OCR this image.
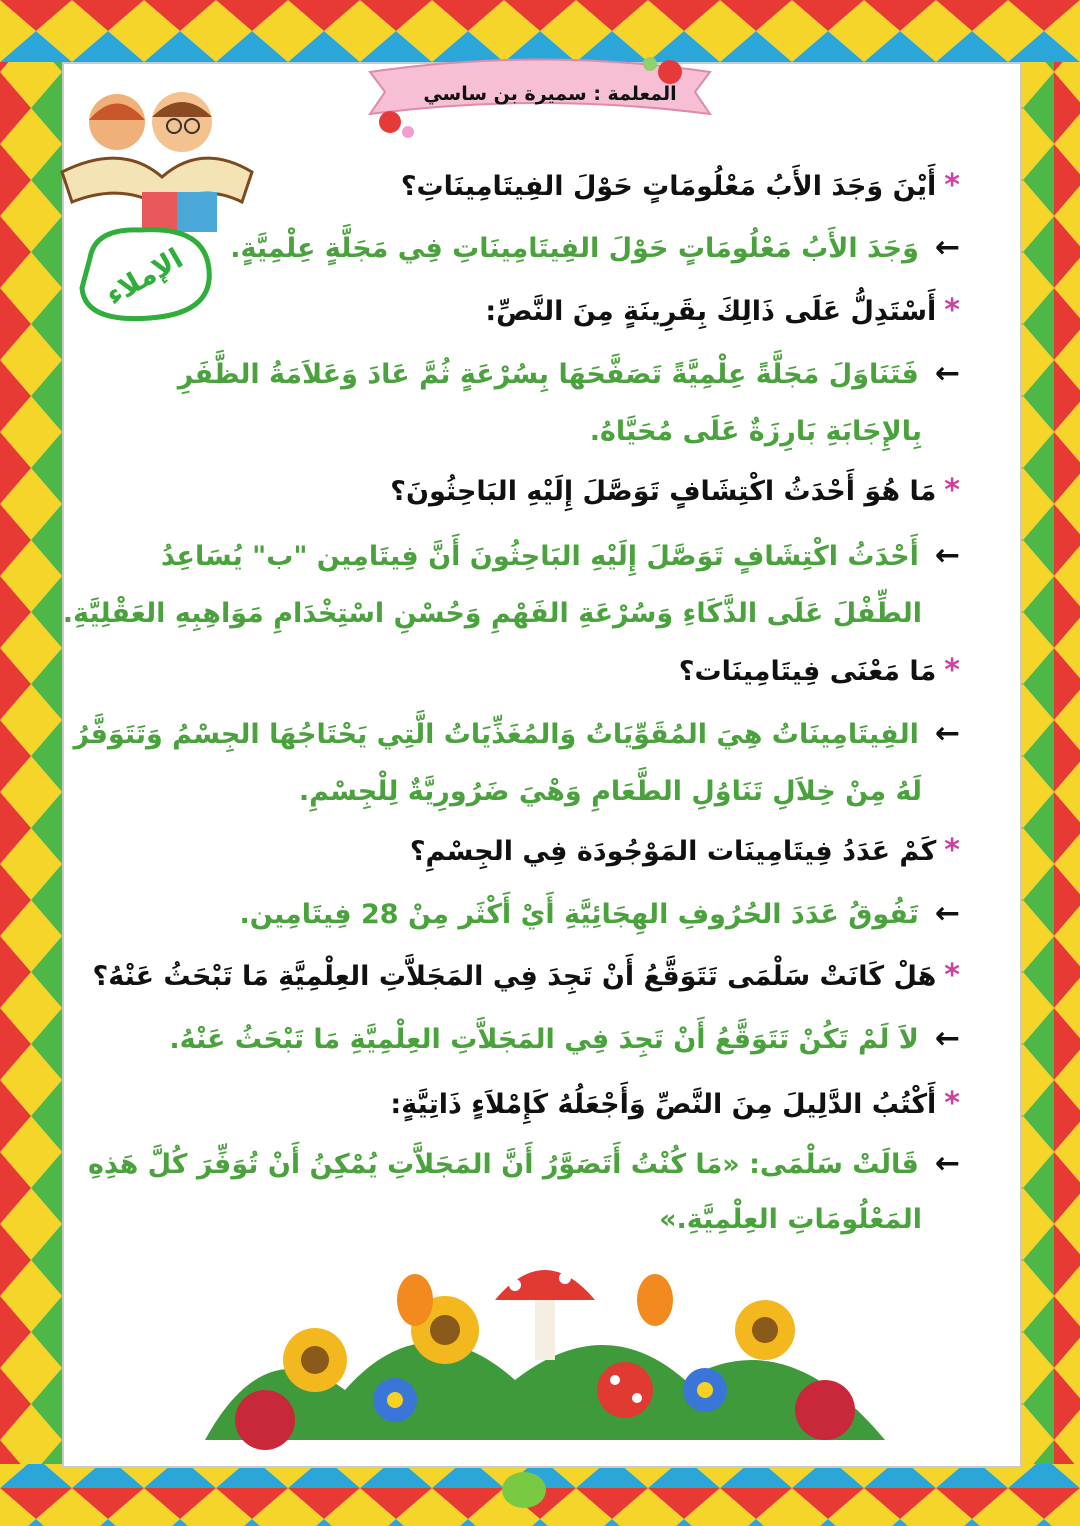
المعلمة : سميرة بن ساسي
الإملاء
*أَيْنَ وَجَدَ الأَبُ مَعْلُومَاتٍ حَوْلَ الفِيتَامِينَاتِ؟
←وَجَدَ الأَبُ مَعْلُومَاتٍ حَوْلَ الفِيتَامِينَاتِ فِي مَجَلَّةٍ عِلْمِيَّةٍ.
*أَسْتَدِلُّ عَلَى ذَالِكَ بِقَرِينَةٍ مِنَ النَّصِّ:
←فَتَنَاوَلَ مَجَلَّةً عِلْمِيَّةً تَصَفَّحَهَا بِسُرْعَةٍ ثُمَّ عَادَ وَعَلاَمَةُ الظَّفَرِ
بِالإِجَابَةِ بَارِزَةٌ عَلَى مُحَيَّاهُ.
*مَا هُوَ أَحْدَثُ اكْتِشَافٍ تَوَصَّلَ إِلَيْهِ البَاحِثُونَ؟
←أَحْدَثُ اكْتِشَافٍ تَوَصَّلَ إِلَيْهِ البَاحِثُونَ أَنَّ فِيتَامِين "ب" يُسَاعِدُ
الطِّفْلَ عَلَى الذَّكَاءِ وَسُرْعَةِ الفَهْمِ وَحُسْنِ اسْتِخْدَامِ مَوَاهِبِهِ العَقْلِيَّةِ.
*مَا مَعْنَى فِيتَامِينَات؟
←الفِيتَامِينَاتُ هِيَ المُقَوِّيَاتُ وَالمُغَذِّيَاتُ الَّتِي يَحْتَاجُهَا الجِسْمُ وَتَتَوَفَّرُ
لَهُ مِنْ خِلاَلِ تَنَاوُلِ الطَّعَامِ وَهْيَ ضَرُورِيَّةٌ لِلْجِسْمِ.
*كَمْ عَدَدُ فِيتَامِينَات المَوْجُودَة فِي الجِسْمِ؟
←تَفُوقُ عَدَدَ الحُرُوفِ الهِجَائِيَّةِ أَيْ أَكْثَر مِنْ 28 فِيتَامِين.
*هَلْ كَانَتْ سَلْمَى تَتَوَقَّعُ أَنْ تَجِدَ فِي المَجَلاَّتِ العِلْمِيَّةِ مَا تَبْحَثُ عَنْهُ؟
←لاَ لَمْ تَكُنْ تَتَوَقَّعُ أَنْ تَجِدَ فِي المَجَلاَّتِ العِلْمِيَّةِ مَا تَبْحَثُ عَنْهُ.
*أَكْتُبُ الدَّلِيلَ مِنَ النَّصِّ وَأَجْعَلُهُ كَإِمْلاَءٍ ذَاتِيَّةٍ:
←قَالَتْ سَلْمَى: «مَا كُنْتُ أَتَصَوَّرُ أَنَّ المَجَلاَّتِ يُمْكِنُ أَنْ تُوَفِّرَ كُلَّ هَذِهِ
المَعْلُومَاتِ العِلْمِيَّةِ.»
